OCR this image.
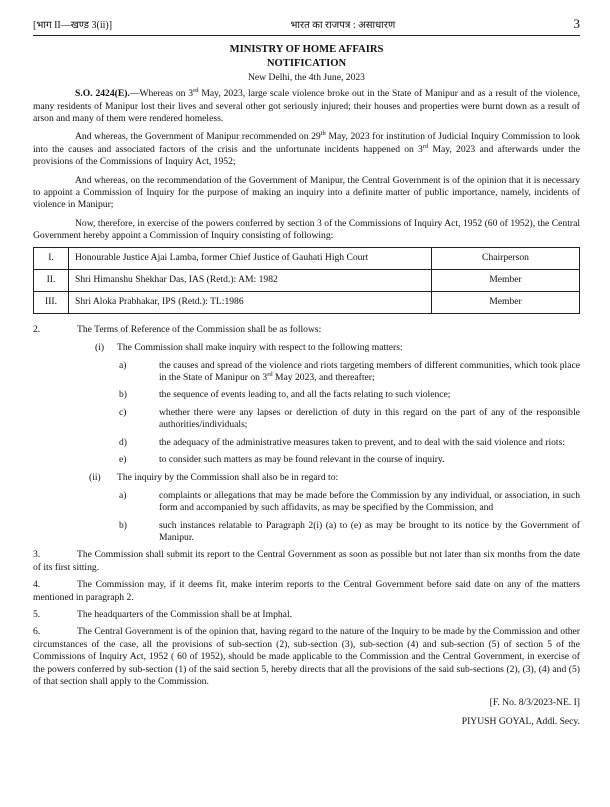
[भाग II—खण्ड 3(ii)]	भारत का राजपत्र : असाधारण	3
MINISTRY OF HOME AFFAIRS
NOTIFICATION
New Delhi, the 4th June, 2023

S.O. 2424(E).—Whereas on 3rd May, 2023, large scale violence broke out in the State of Manipur and as a result of the violence, many residents of Manipur lost their lives and several other got seriously injured; their houses and properties were burnt down as a result of arson and many of them were rendered homeless.

And whereas, the Government of Manipur recommended on 29th May, 2023 for institution of Judicial Inquiry Commission to look into the causes and associated factors of the crisis and the unfortunate incidents happened on 3rd May, 2023 and afterwards under the provisions of the Commissions of Inquiry Act, 1952;

And whereas, on the recommendation of the Government of Manipur, the Central Government is of the opinion that it is necessary to appoint a Commission of Inquiry for the purpose of making an inquiry into a definite matter of public importance, namely, incidents of violence in Manipur;

Now, therefore, in exercise of the powers conferred by section 3 of the Commissions of Inquiry Act, 1952 (60 of 1952), the Central Government hereby appoint a Commission of Inquiry consisting of following:

I.	Honourable Justice Ajai Lamba, former Chief Justice of Gauhati High Court	Chairperson
II.	Shri Himanshu Shekhar Das, IAS (Retd.): AM: 1982	Member
III.	Shri Aloka Prabhakar, IPS (Retd.): TL:1986	Member
2.	The Terms of Reference of the Commission shall be as follows:
(i)	The Commission shall make inquiry with respect to the following matters:
a)	the causes and spread of the violence and riots targeting members of different communities, which took place in the State of Manipur on 3rd May 2023, and thereafter;
b)	the sequence of events leading to, and all the facts relating to such violence;
c)	whether there were any lapses or dereliction of duty in this regard on the part of any of the responsible authorities/individuals;
d)	the adequacy of the administrative measures taken to prevent, and to deal with the said violence and riots:
e)	to consider such matters as may be found relevant in the course of inquiry.
(ii)	The inquiry by the Commission shall also be in regard to:
a)	complaints or allegations that may be made before the Commission by any individual, or association, in such form and accompanied by such affidavits, as may be specified by the Commission, and
b)	such instances relatable to Paragraph 2(i) (a) to (e) as may be brought to its notice by the Government of Manipur.

3.	The Commission shall submit its report to the Central Government as soon as possible but not later than six months from the date of its first sitting.

4.	The Commission may, if it deems fit, make interim reports to the Central Government before said date on any of the matters mentioned in paragraph 2.

5.	The headquarters of the Commission shall be at Imphal.

6.	The Central Government is of the opinion that, having regard to the nature of the Inquiry to be made by the Commission and other circumstances of the case, all the provisions of sub-section (2), sub-section (3), sub-section (4) and sub-section (5) of section 5 of the Commissions of Inquiry Act, 1952 ( 60 of 1952), should be made applicable to the Commission and the Central Government, in exercise of the powers conferred by sub-section (1) of the said section 5, hereby directs that all the provisions of the said sub-sections (2), (3), (4) and (5) of that section shall apply to the Commission.

[F. No. 8/3/2023-NE. I]
PIYUSH GOYAL, Addl. Secy.
